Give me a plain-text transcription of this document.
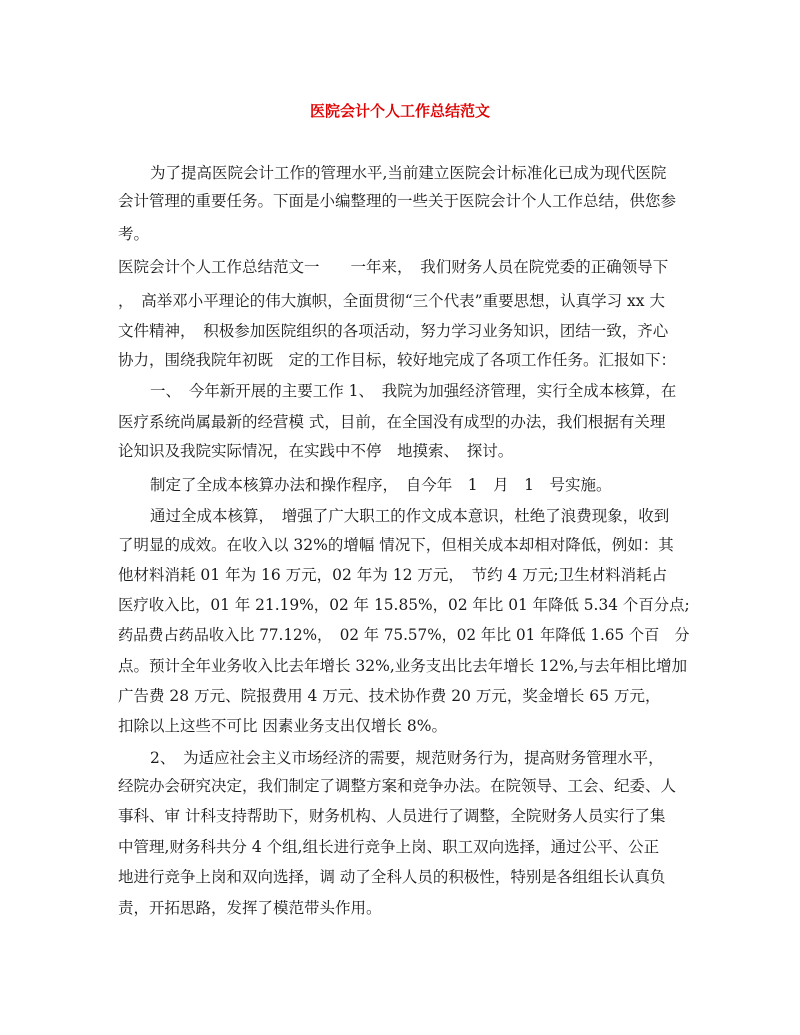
医院会计个人工作总结范文
为了提高医院会计工作的管理水平,当前建立医院会计标准化已成为现代医院
会计管理的重要任务。下面是小编整理的一些关于医院会计个人工作总结，供您参
考。
医院会计个人工作总结范文一　　一年来，　我们财务人员在院党委的正确领导下
，　高举邓小平理论的伟大旗帜，全面贯彻“三个代表”重要思想，认真学习 xx 大
文件精神，　积极参加医院组织的各项活动，努力学习业务知识，团结一致，齐心
协力，围绕我院年初既　定的工作目标，较好地完成了各项工作任务。汇报如下：
一、　今年新开展的主要工作 1、　我院为加强经济管理，实行全成本核算，在
医疗系统尚属最新的经营模 式，目前，在全国没有成型的办法，我们根据有关理
论知识及我院实际情况，在实践中不停　地摸索、　探讨。
制定了全成本核算办法和操作程序，　自今年　1　月　1　号实施。
通过全成本核算，　增强了广大职工的作文成本意识，杜绝了浪费现象，收到
了明显的成效。在收入以 32%的增幅 情况下，但相关成本却相对降低，例如：其
他材料消耗 01 年为 16 万元，02 年为 12 万元，　节约 4 万元;卫生材料消耗占
医疗收入比，01 年 21.19%，02 年 15.85%，02 年比 01 年降低 5.34 个百分点;
药品费占药品收入比 77.12%，　02 年 75.57%，02 年比 01 年降低 1.65 个百　分
点。预计全年业务收入比去年增长 32%,业务支出比去年增长 12%,与去年相比增加
广告费 28 万元、院报费用 4 万元、技术协作费 20 万元，奖金增长 65 万元，
扣除以上这些不可比 因素业务支出仅增长 8%。
2、　为适应社会主义市场经济的需要，规范财务行为，提高财务管理水平，
经院办会研究决定，我们制定了调整方案和竞争办法。在院领导、工会、纪委、人
事科、审 计科支持帮助下，财务机构、人员进行了调整，全院财务人员实行了集
中管理,财务科共分 4 个组,组长进行竞争上岗、职工双向选择，通过公平、公正
地进行竞争上岗和双向选择，调 动了全科人员的积极性，特别是各组组长认真负
责，开拓思路，发挥了模范带头作用。
